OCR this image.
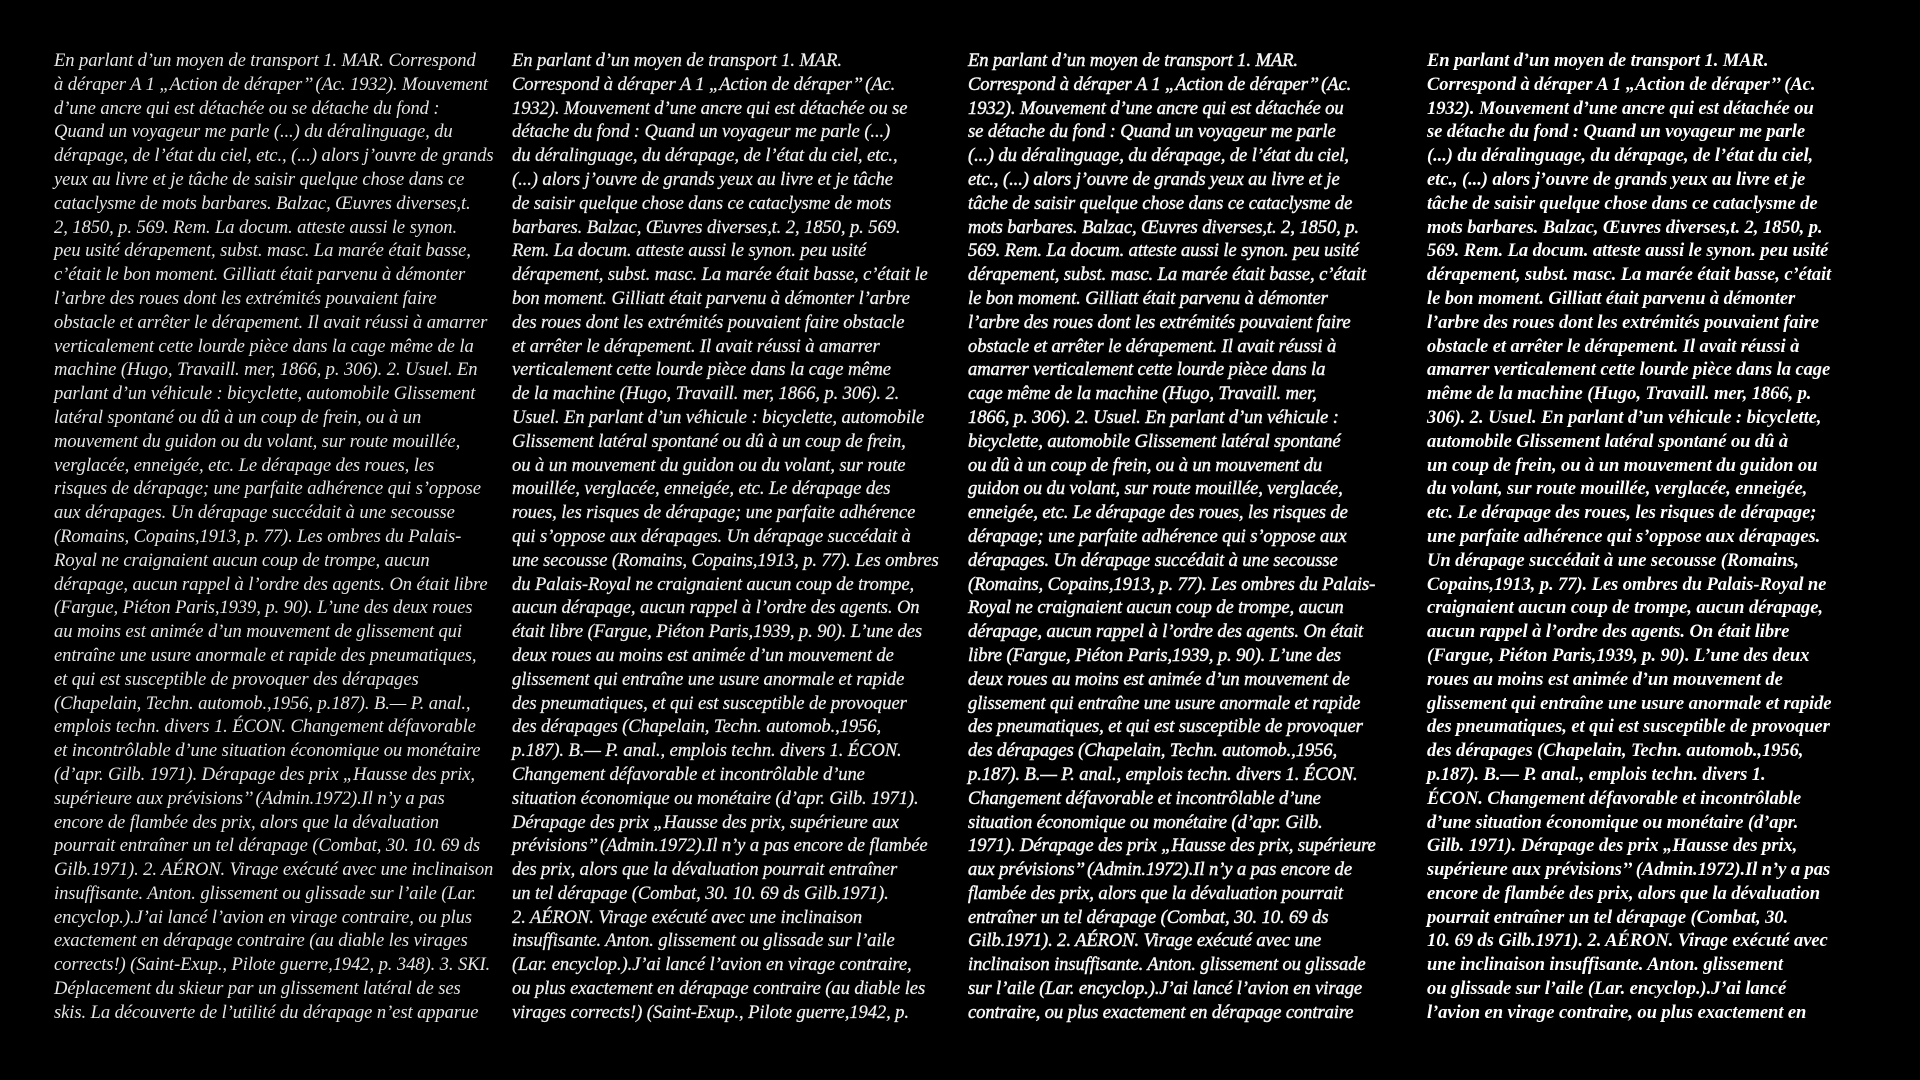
En parlant d’un moyen de transport 1. MAR. Correspond
à déraper A 1 „Action de déraper’’ (Ac. 1932). Mouvement
d’une ancre qui est détachée ou se détache du fond :
Quand un voyageur me parle (...) du déralinguage, du
dérapage, de l’état du ciel, etc., (...) alors j’ouvre de grands
yeux au livre et je tâche de saisir quelque chose dans ce
cataclysme de mots barbares. Balzac, Œuvres diverses,t.
2, 1850, p. 569. Rem. La docum. atteste aussi le synon.
peu usité dérapement, subst. masc. La marée était basse,
c’était le bon moment. Gilliatt était parvenu à démonter
l’arbre des roues dont les extrémités pouvaient faire
obstacle et arrêter le dérapement. Il avait réussi à amarrer
verticalement cette lourde pièce dans la cage même de la
machine (Hugo, Travaill. mer, 1866, p. 306). 2. Usuel. En
parlant d’un véhicule : bicyclette, automobile Glissement
latéral spontané ou dû à un coup de frein, ou à un
mouvement du guidon ou du volant, sur route mouillée,
verglacée, enneigée, etc. Le dérapage des roues, les
risques de dérapage; une parfaite adhérence qui s’oppose
aux dérapages. Un dérapage succédait à une secousse
(Romains, Copains,1913, p. 77). Les ombres du Palais-
Royal ne craignaient aucun coup de trompe, aucun
dérapage, aucun rappel à l’ordre des agents. On était libre
(Fargue, Piéton Paris,1939, p. 90). L’une des deux roues
au moins est animée d’un mouvement de glissement qui
entraîne une usure anormale et rapide des pneumatiques,
et qui est susceptible de provoquer des dérapages
(Chapelain, Techn. automob.,1956, p.187). B.— P. anal.,
emplois techn. divers 1. ÉCON. Changement défavorable
et incontrôlable d’une situation économique ou monétaire
(d’apr. Gilb. 1971). Dérapage des prix „Hausse des prix,
supérieure aux prévisions’’ (Admin.1972).Il n’y a pas
encore de flambée des prix, alors que la dévaluation
pourrait entraîner un tel dérapage (Combat, 30. 10. 69 ds
Gilb.1971). 2. AÉRON. Virage exécuté avec une inclinaison
insuffisante. Anton. glissement ou glissade sur l’aile (Lar.
encyclop.).J’ai lancé l’avion en virage contraire, ou plus
exactement en dérapage contraire (au diable les virages
corrects!) (Saint-Exup., Pilote guerre,1942, p. 348). 3. SKI.
Déplacement du skieur par un glissement latéral de ses
skis. La découverte de l’utilité du dérapage n’est apparue
En parlant d’un moyen de transport 1. MAR.
Correspond à déraper A 1 „Action de déraper’’ (Ac.
1932). Mouvement d’une ancre qui est détachée ou se
détache du fond : Quand un voyageur me parle (...)
du déralinguage, du dérapage, de l’état du ciel, etc.,
(...) alors j’ouvre de grands yeux au livre et je tâche
de saisir quelque chose dans ce cataclysme de mots
barbares. Balzac, Œuvres diverses,t. 2, 1850, p. 569.
Rem. La docum. atteste aussi le synon. peu usité
dérapement, subst. masc. La marée était basse, c’était le
bon moment. Gilliatt était parvenu à démonter l’arbre
des roues dont les extrémités pouvaient faire obstacle
et arrêter le dérapement. Il avait réussi à amarrer
verticalement cette lourde pièce dans la cage même
de la machine (Hugo, Travaill. mer, 1866, p. 306). 2.
Usuel. En parlant d’un véhicule : bicyclette, automobile
Glissement latéral spontané ou dû à un coup de frein,
ou à un mouvement du guidon ou du volant, sur route
mouillée, verglacée, enneigée, etc. Le dérapage des
roues, les risques de dérapage; une parfaite adhérence
qui s’oppose aux dérapages. Un dérapage succédait à
une secousse (Romains, Copains,1913, p. 77). Les ombres
du Palais-Royal ne craignaient aucun coup de trompe,
aucun dérapage, aucun rappel à l’ordre des agents. On
était libre (Fargue, Piéton Paris,1939, p. 90). L’une des
deux roues au moins est animée d’un mouvement de
glissement qui entraîne une usure anormale et rapide
des pneumatiques, et qui est susceptible de provoquer
des dérapages (Chapelain, Techn. automob.,1956,
p.187). B.— P. anal., emplois techn. divers 1. ÉCON.
Changement défavorable et incontrôlable d’une
situation économique ou monétaire (d’apr. Gilb. 1971).
Dérapage des prix „Hausse des prix, supérieure aux
prévisions’’ (Admin.1972).Il n’y a pas encore de flambée
des prix, alors que la dévaluation pourrait entraîner
un tel dérapage (Combat, 30. 10. 69 ds Gilb.1971).
2. AÉRON. Virage exécuté avec une inclinaison
insuffisante. Anton. glissement ou glissade sur l’aile
(Lar. encyclop.).J’ai lancé l’avion en virage contraire,
ou plus exactement en dérapage contraire (au diable les
virages corrects!) (Saint-Exup., Pilote guerre,1942, p.
En parlant d’un moyen de transport 1. MAR.
Correspond à déraper A 1 „Action de déraper’’ (Ac.
1932). Mouvement d’une ancre qui est détachée ou
se détache du fond : Quand un voyageur me parle
(...) du déralinguage, du dérapage, de l’état du ciel,
etc., (...) alors j’ouvre de grands yeux au livre et je
tâche de saisir quelque chose dans ce cataclysme de
mots barbares. Balzac, Œuvres diverses,t. 2, 1850, p.
569. Rem. La docum. atteste aussi le synon. peu usité
dérapement, subst. masc. La marée était basse, c’était
le bon moment. Gilliatt était parvenu à démonter
l’arbre des roues dont les extrémités pouvaient faire
obstacle et arrêter le dérapement. Il avait réussi à
amarrer verticalement cette lourde pièce dans la
cage même de la machine (Hugo, Travaill. mer,
1866, p. 306). 2. Usuel. En parlant d’un véhicule :
bicyclette, automobile Glissement latéral spontané
ou dû à un coup de frein, ou à un mouvement du
guidon ou du volant, sur route mouillée, verglacée,
enneigée, etc. Le dérapage des roues, les risques de
dérapage; une parfaite adhérence qui s’oppose aux
dérapages. Un dérapage succédait à une secousse
(Romains, Copains,1913, p. 77). Les ombres du Palais-
Royal ne craignaient aucun coup de trompe, aucun
dérapage, aucun rappel à l’ordre des agents. On était
libre (Fargue, Piéton Paris,1939, p. 90). L’une des
deux roues au moins est animée d’un mouvement de
glissement qui entraîne une usure anormale et rapide
des pneumatiques, et qui est susceptible de provoquer
des dérapages (Chapelain, Techn. automob.,1956,
p.187). B.— P. anal., emplois techn. divers 1. ÉCON.
Changement défavorable et incontrôlable d’une
situation économique ou monétaire (d’apr. Gilb.
1971). Dérapage des prix „Hausse des prix, supérieure
aux prévisions’’ (Admin.1972).Il n’y a pas encore de
flambée des prix, alors que la dévaluation pourrait
entraîner un tel dérapage (Combat, 30. 10. 69 ds
Gilb.1971). 2. AÉRON. Virage exécuté avec une
inclinaison insuffisante. Anton. glissement ou glissade
sur l’aile (Lar. encyclop.).J’ai lancé l’avion en virage
contraire, ou plus exactement en dérapage contraire
En parlant d’un moyen de transport 1. MAR.
Correspond à déraper A 1 „Action de déraper’’ (Ac.
1932). Mouvement d’une ancre qui est détachée ou
se détache du fond : Quand un voyageur me parle
(...) du déralinguage, du dérapage, de l’état du ciel,
etc., (...) alors j’ouvre de grands yeux au livre et je
tâche de saisir quelque chose dans ce cataclysme de
mots barbares. Balzac, Œuvres diverses,t. 2, 1850, p.
569. Rem. La docum. atteste aussi le synon. peu usité
dérapement, subst. masc. La marée était basse, c’était
le bon moment. Gilliatt était parvenu à démonter
l’arbre des roues dont les extrémités pouvaient faire
obstacle et arrêter le dérapement. Il avait réussi à
amarrer verticalement cette lourde pièce dans la cage
même de la machine (Hugo, Travaill. mer, 1866, p.
306). 2. Usuel. En parlant d’un véhicule : bicyclette,
automobile Glissement latéral spontané ou dû à
un coup de frein, ou à un mouvement du guidon ou
du volant, sur route mouillée, verglacée, enneigée,
etc. Le dérapage des roues, les risques de dérapage;
une parfaite adhérence qui s’oppose aux dérapages.
Un dérapage succédait à une secousse (Romains,
Copains,1913, p. 77). Les ombres du Palais-Royal ne
craignaient aucun coup de trompe, aucun dérapage,
aucun rappel à l’ordre des agents. On était libre
(Fargue, Piéton Paris,1939, p. 90). L’une des deux
roues au moins est animée d’un mouvement de
glissement qui entraîne une usure anormale et rapide
des pneumatiques, et qui est susceptible de provoquer
des dérapages (Chapelain, Techn. automob.,1956,
p.187). B.— P. anal., emplois techn. divers 1.
ÉCON. Changement défavorable et incontrôlable
d’une situation économique ou monétaire (d’apr.
Gilb. 1971). Dérapage des prix „Hausse des prix,
supérieure aux prévisions’’ (Admin.1972).Il n’y a pas
encore de flambée des prix, alors que la dévaluation
pourrait entraîner un tel dérapage (Combat, 30.
10. 69 ds Gilb.1971). 2. AÉRON. Virage exécuté avec
une inclinaison insuffisante. Anton. glissement
ou glissade sur l’aile (Lar. encyclop.).J’ai lancé
l’avion en virage contraire, ou plus exactement en
